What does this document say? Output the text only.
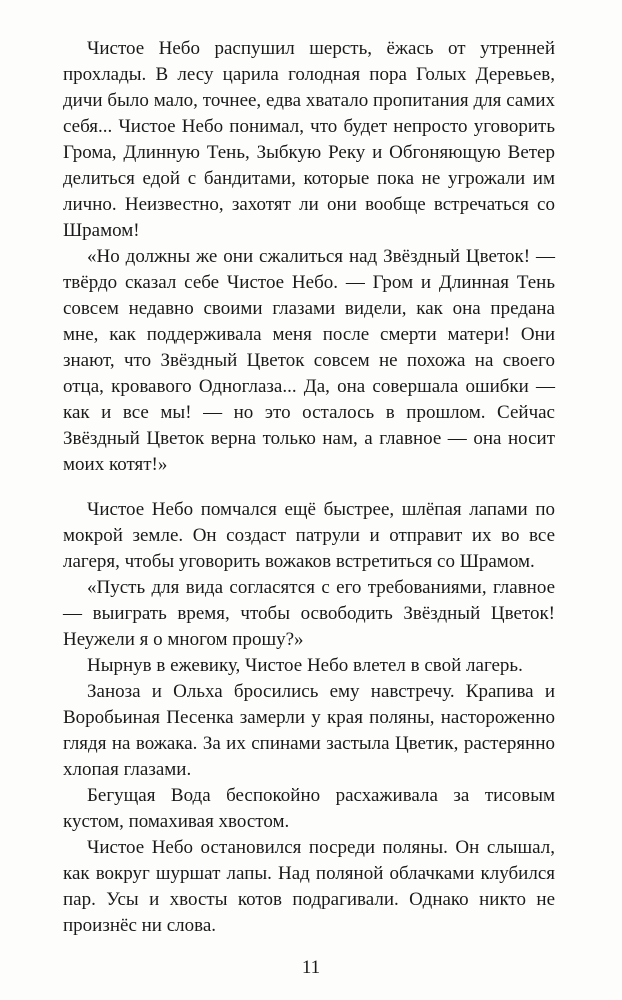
Чистое Небо распушил шерсть, ёжась от утренней прохлады. В лесу царила голодная пора Голых Деревьев, дичи было мало, точнее, едва хватало пропитания для самих себя... Чистое Небо понимал, что будет непросто уговорить Грома, Длинную Тень, Зыбкую Реку и Обгоняющую Ветер делиться едой с бандитами, которые пока не угрожали им лично. Неизвестно, захотят ли они вообще встречаться со Шрамом!

«Но должны же они сжалиться над Звёздный Цветок! — твёрдо сказал себе Чистое Небо. — Гром и Длинная Тень совсем недавно своими глазами видели, как она предана мне, как поддерживала меня после смерти матери! Они знают, что Звёздный Цветок совсем не похожа на своего отца, кровавого Одноглаза... Да, она совершала ошибки — как и все мы! — но это осталось в прошлом. Сейчас Звёздный Цветок верна только нам, а главное — она носит моих котят!»

Чистое Небо помчался ещё быстрее, шлёпая лапами по мокрой земле. Он создаст патрули и отправит их во все лагеря, чтобы уговорить вожаков встретиться со Шрамом.

«Пусть для вида согласятся с его требованиями, главное — выиграть время, чтобы освободить Звёздный Цветок! Неужели я о многом прошу?»

Нырнув в ежевику, Чистое Небо влетел в свой лагерь.

Заноза и Ольха бросились ему навстречу. Крапива и Воробьиная Песенка замерли у края поляны, настороженно глядя на вожака. За их спинами застыла Цветик, растерянно хлопая глазами.

Бегущая Вода беспокойно расхаживала за тисовым кустом, помахивая хвостом.

Чистое Небо остановился посреди поляны. Он слышал, как вокруг шуршат лапы. Над поляной облачками клубился пар. Усы и хвосты котов подрагивали. Однако никто не произнёс ни слова.

11
